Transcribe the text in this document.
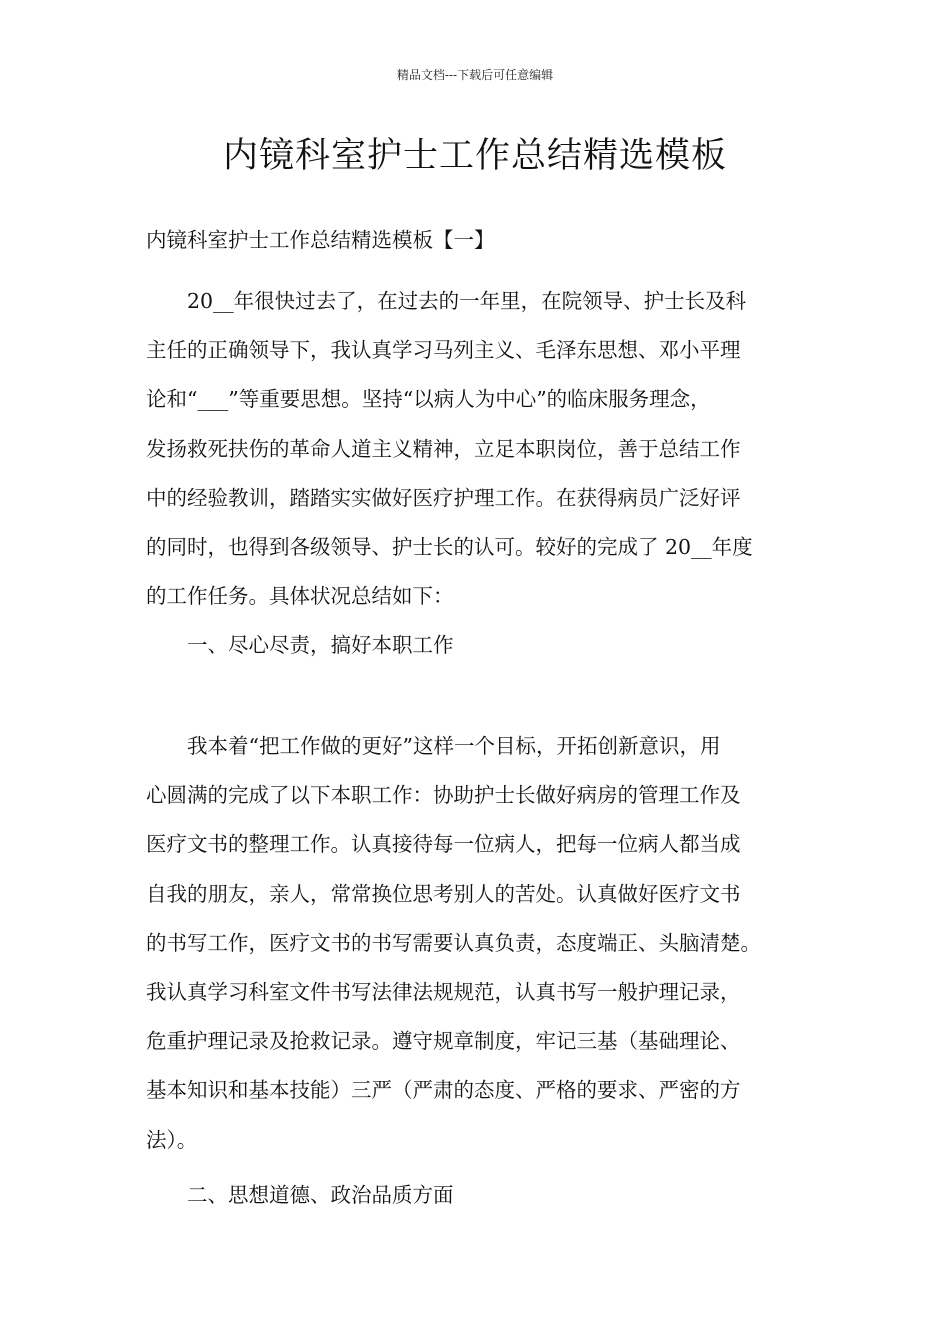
精品文档---下载后可任意编辑
内镜科室护士工作总结精选模板

内镜科室护士工作总结精选模板【一】

20__年很快过去了，在过去的一年里，在院领导、护士长及科

主任的正确领导下，我认真学习马列主义、毛泽东思想、邓小平理

论和“___”等重要思想。坚持“以病人为中心”的临床服务理念，

发扬救死扶伤的革命人道主义精神，立足本职岗位，善于总结工作

中的经验教训，踏踏实实做好医疗护理工作。在获得病员广泛好评

的同时，也得到各级领导、护士长的认可。较好的完成了 20__年度

的工作任务。具体状况总结如下：

一、尽心尽责，搞好本职工作

我本着“把工作做的更好”这样一个目标，开拓创新意识，用

心圆满的完成了以下本职工作：协助护士长做好病房的管理工作及

医疗文书的整理工作。认真接待每一位病人，把每一位病人都当成

自我的朋友，亲人，常常换位思考别人的苦处。认真做好医疗文书

的书写工作，医疗文书的书写需要认真负责，态度端正、头脑清楚。

我认真学习科室文件书写法律法规规范，认真书写一般护理记录，

危重护理记录及抢救记录。遵守规章制度，牢记三基（基础理论、

基本知识和基本技能）三严（严肃的态度、严格的要求、严密的方

法）。

二、思想道德、政治品质方面
